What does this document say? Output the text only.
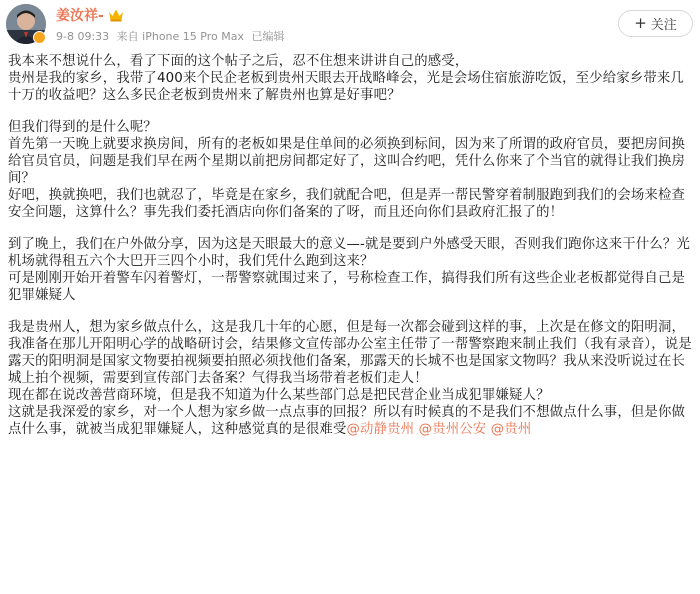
姜汝祥-
9-8 09:33 来自 iPhone 15 Pro Max 已编辑
+ 关注

我本来不想说什么，看了下面的这个帖子之后，忍不住想来讲讲自己的感受，

贵州是我的家乡，我带了400来个民企老板到贵州天眼去开战略峰会，光是会场住宿旅游吃饭，至少给家乡带来几十万的收益吧？这么多民企老板到贵州来了解贵州也算是好事吧？

但我们得到的是什么呢？

首先第一天晚上就要求换房间，所有的老板如果是住单间的必须换到标间，因为来了所谓的政府官员，要把房间换给官员官员，问题是我们早在两个星期以前把房间都定好了，这叫合约吧，凭什么你来了个当官的就得让我们换房间？

好吧，换就换吧，我们也就忍了，毕竟是在家乡，我们就配合吧，但是弄一帮民警穿着制服跑到我们的会场来检查安全问题，这算什么？事先我们委托酒店向你们备案的了呀，而且还向你们县政府汇报了的！

到了晚上，我们在户外做分享，因为这是天眼最大的意义—-就是要到户外感受天眼，否则我们跑你这来干什么？光机场就得租五六个大巴开三四个小时，我们凭什么跑到这来？

可是刚刚开始开着警车闪着警灯，一帮警察就围过来了，号称检查工作，搞得我们所有这些企业老板都觉得自己是犯罪嫌疑人

我是贵州人，想为家乡做点什么，这是我几十年的心愿，但是每一次都会碰到这样的事，上次是在修文的阳明洞，我准备在那儿开阳明心学的战略研讨会，结果修文宣传部办公室主任带了一帮警察跑来制止我们（我有录音），说是露天的阳明洞是国家文物要拍视频要拍照必须找他们备案，那露天的长城不也是国家文物吗？我从来没听说过在长城上拍个视频，需要到宣传部门去备案？气得我当场带着老板们走人！

现在都在说改善营商环境，但是我不知道为什么某些部门总是把民营企业当成犯罪嫌疑人？

这就是我深爱的家乡，对一个人想为家乡做一点点事的回报？所以有时候真的不是我们不想做点什么事，但是你做点什么事，就被当成犯罪嫌疑人，这种感觉真的是很难受@动静贵州 @贵州公安 @贵州
